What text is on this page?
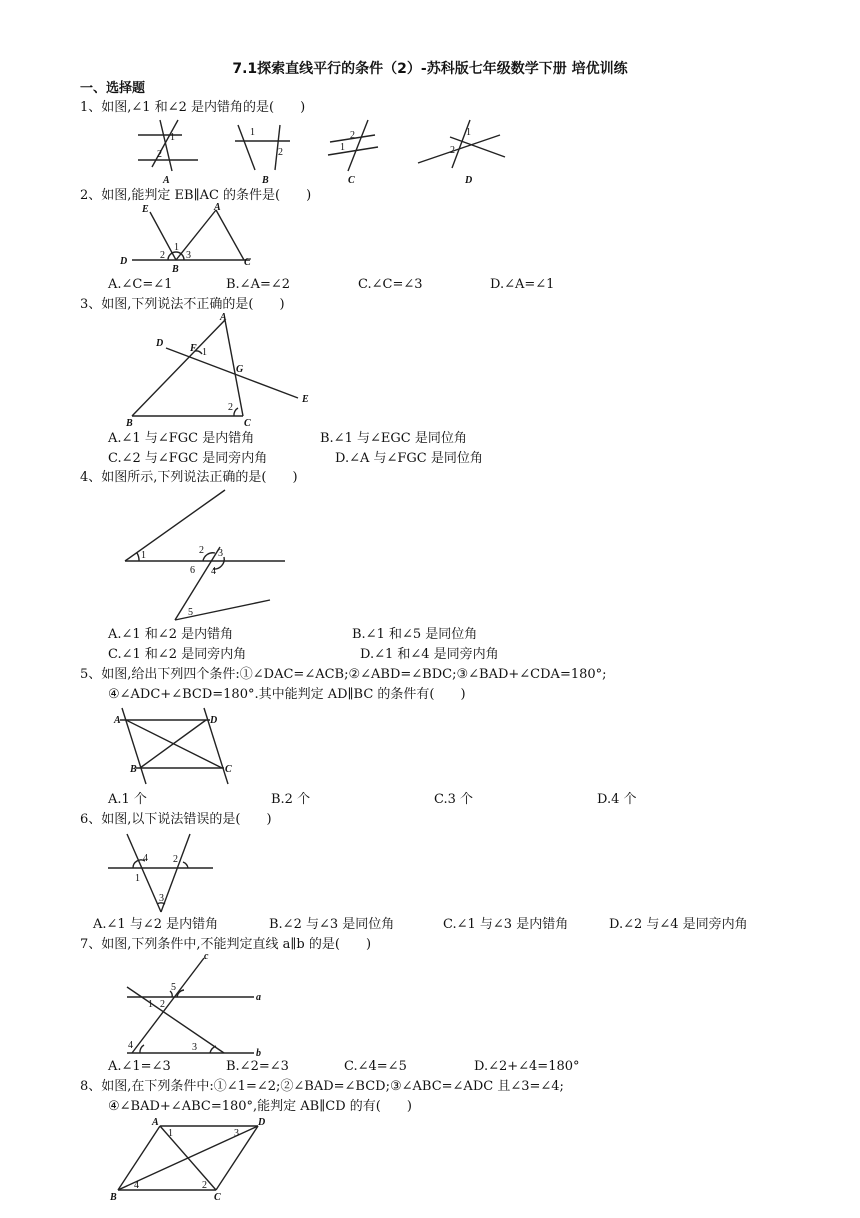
7.1探索直线平行的条件（2）-苏科版七年级数学下册 培优训练
一、选择题
1、如图,∠1 和∠2 是内错角的是(　　)
1
2
A
1
2
B
2
1
C
1
2
D
2、如图,能判定 EB∥AC 的条件是(　　)
E	A
D
B
C
2
1
3
A.∠C=∠1	B.∠A=∠2	C.∠C=∠3	D.∠A=∠1
3、如图,下列说法不正确的是(　　)
A
D	F 1
G
E
B	C
2
A.∠1 与∠FGC 是内错角	B.∠1 与∠EGC 是同位角
C.∠2 与∠FGC 是同旁内角	D.∠A 与∠FGC 是同位角
4、如图所示,下列说法正确的是(　　)
1	2 3
6 4
5
A.∠1 和∠2 是内错角	B.∠1 和∠5 是同位角
C.∠1 和∠2 是同旁内角	D.∠1 和∠4 是同旁内角
5、如图,给出下列四个条件:①∠DAC=∠ACB;②∠ABD=∠BDC;③∠BAD+∠CDA=180°;
④∠ADC+∠BCD=180°.其中能判定 AD∥BC 的条件有(　　)
A	D
B	C
A.1 个	B.2 个	C.3 个	D.4 个
6、如图,以下说法错误的是(　　)
4	2
1
3
A.∠1 与∠2 是内错角	B.∠2 与∠3 是同位角	C.∠1 与∠3 是内错角	D.∠2 与∠4 是同旁内角
7、如图,下列条件中,不能判定直线 a∥b 的是(　　)
c
a
b
5
1 2
4	3
A.∠1=∠3	B.∠2=∠3	C.∠4=∠5	D.∠2+∠4=180°
8、如图,在下列条件中:①∠1=∠2;②∠BAD=∠BCD;③∠ABC=∠ADC 且∠3=∠4;
④∠BAD+∠ABC=180°,能判定 AB∥CD 的有(　　)
A	D
B	C
1	3
4	2
